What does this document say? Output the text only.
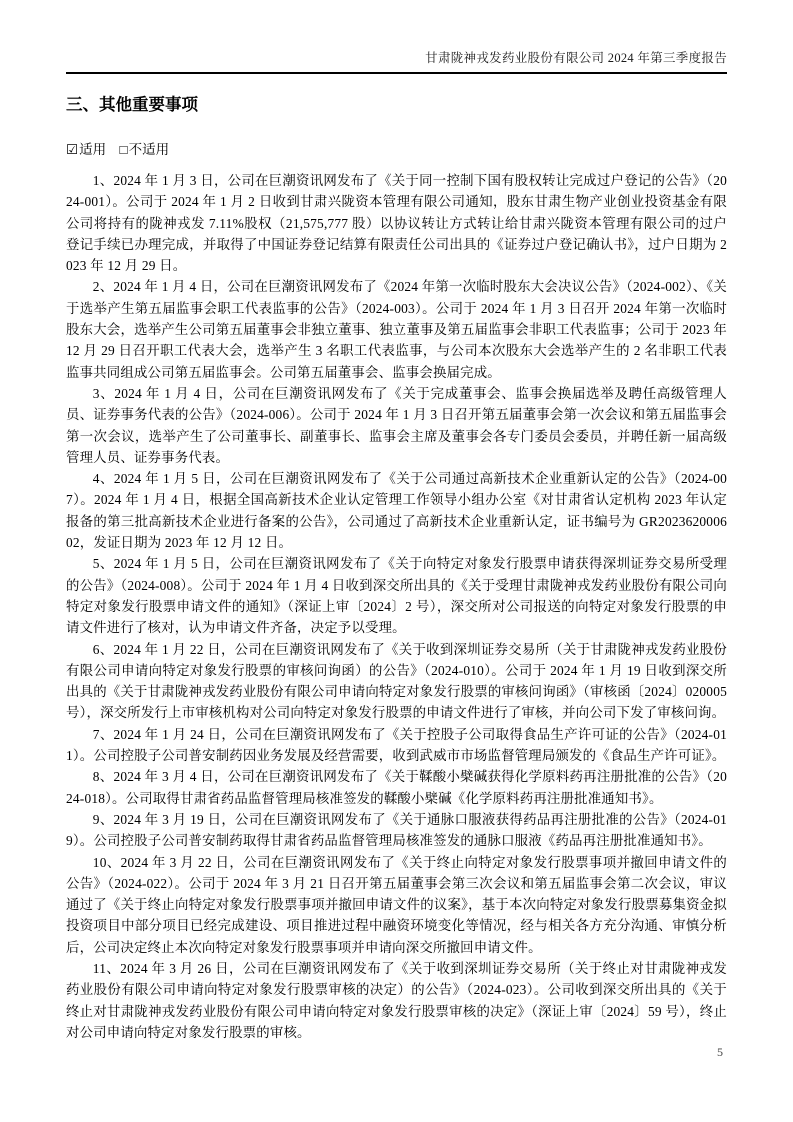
甘肃陇神戎发药业股份有限公司 2024 年第三季度报告
三、其他重要事项
☑适用 □不适用

1、2024 年 1 月 3 日，公司在巨潮资讯网发布了《关于同一控制下国有股权转让完成过户登记的公告》（2024-001）。公司于 2024 年 1 月 2 日收到甘肃兴陇资本管理有限公司通知，股东甘肃生物产业创业投资基金有限公司将持有的陇神戎发 7.11%股权（21,575,777 股）以协议转让方式转让给甘肃兴陇资本管理有限公司的过户登记手续已办理完成，并取得了中国证券登记结算有限责任公司出具的《证券过户登记确认书》，过户日期为 2023 年 12 月 29 日。

2、2024 年 1 月 4 日，公司在巨潮资讯网发布了《2024 年第一次临时股东大会决议公告》（2024-002）、《关于选举产生第五届监事会职工代表监事的公告》（2024-003）。公司于 2024 年 1 月 3 日召开 2024 年第一次临时股东大会，选举产生公司第五届董事会非独立董事、独立董事及第五届监事会非职工代表监事；公司于 2023 年 12 月 29 日召开职工代表大会，选举产生 3 名职工代表监事，与公司本次股东大会选举产生的 2 名非职工代表监事共同组成公司第五届监事会。公司第五届董事会、监事会换届完成。

3、2024 年 1 月 4 日，公司在巨潮资讯网发布了《关于完成董事会、监事会换届选举及聘任高级管理人员、证券事务代表的公告》（2024-006）。公司于 2024 年 1 月 3 日召开第五届董事会第一次会议和第五届监事会第一次会议，选举产生了公司董事长、副董事长、监事会主席及董事会各专门委员会委员，并聘任新一届高级管理人员、证券事务代表。

4、2024 年 1 月 5 日，公司在巨潮资讯网发布了《关于公司通过高新技术企业重新认定的公告》（2024-007）。2024 年 1 月 4 日，根据全国高新技术企业认定管理工作领导小组办公室《对甘肃省认定机构 2023 年认定报备的第三批高新技术企业进行备案的公告》，公司通过了高新技术企业重新认定，证书编号为 GR202362000602，发证日期为 2023 年 12 月 12 日。

5、2024 年 1 月 5 日，公司在巨潮资讯网发布了《关于向特定对象发行股票申请获得深圳证券交易所受理的公告》（2024-008）。公司于 2024 年 1 月 4 日收到深交所出具的《关于受理甘肃陇神戎发药业股份有限公司向特定对象发行股票申请文件的通知》（深证上审〔2024〕2 号），深交所对公司报送的向特定对象发行股票的申请文件进行了核对，认为申请文件齐备，决定予以受理。

6、2024 年 1 月 22 日，公司在巨潮资讯网发布了《关于收到深圳证券交易所（关于甘肃陇神戎发药业股份有限公司申请向特定对象发行股票的审核问询函）的公告》（2024-010）。公司于 2024 年 1 月 19 日收到深交所出具的《关于甘肃陇神戎发药业股份有限公司申请向特定对象发行股票的审核问询函》（审核函〔2024〕020005 号），深交所发行上市审核机构对公司向特定对象发行股票的申请文件进行了审核，并向公司下发了审核问询。

7、2024 年 1 月 24 日，公司在巨潮资讯网发布了《关于控股子公司取得食品生产许可证的公告》（2024-011）。公司控股子公司普安制药因业务发展及经营需要，收到武威市市场监督管理局颁发的《食品生产许可证》。

8、2024 年 3 月 4 日，公司在巨潮资讯网发布了《关于鞣酸小檗碱获得化学原料药再注册批准的公告》（2024-018）。公司取得甘肃省药品监督管理局核准签发的鞣酸小檗碱《化学原料药再注册批准通知书》。

9、2024 年 3 月 19 日，公司在巨潮资讯网发布了《关于通脉口服液获得药品再注册批准的公告》（2024-019）。公司控股子公司普安制药取得甘肃省药品监督管理局核准签发的通脉口服液《药品再注册批准通知书》。

10、2024 年 3 月 22 日，公司在巨潮资讯网发布了《关于终止向特定对象发行股票事项并撤回申请文件的公告》（2024-022）。公司于 2024 年 3 月 21 日召开第五届董事会第三次会议和第五届监事会第二次会议，审议通过了《关于终止向特定对象发行股票事项并撤回申请文件的议案》，基于本次向特定对象发行股票募集资金拟投资项目中部分项目已经完成建设、项目推进过程中融资环境变化等情况，经与相关各方充分沟通、审慎分析后，公司决定终止本次向特定对象发行股票事项并申请向深交所撤回申请文件。

11、2024 年 3 月 26 日，公司在巨潮资讯网发布了《关于收到深圳证券交易所（关于终止对甘肃陇神戎发药业股份有限公司申请向特定对象发行股票审核的决定）的公告》（2024-023）。公司收到深交所出具的《关于终止对甘肃陇神戎发药业股份有限公司申请向特定对象发行股票审核的决定》（深证上审〔2024〕59 号），终止对公司申请向特定对象发行股票的审核。

5
